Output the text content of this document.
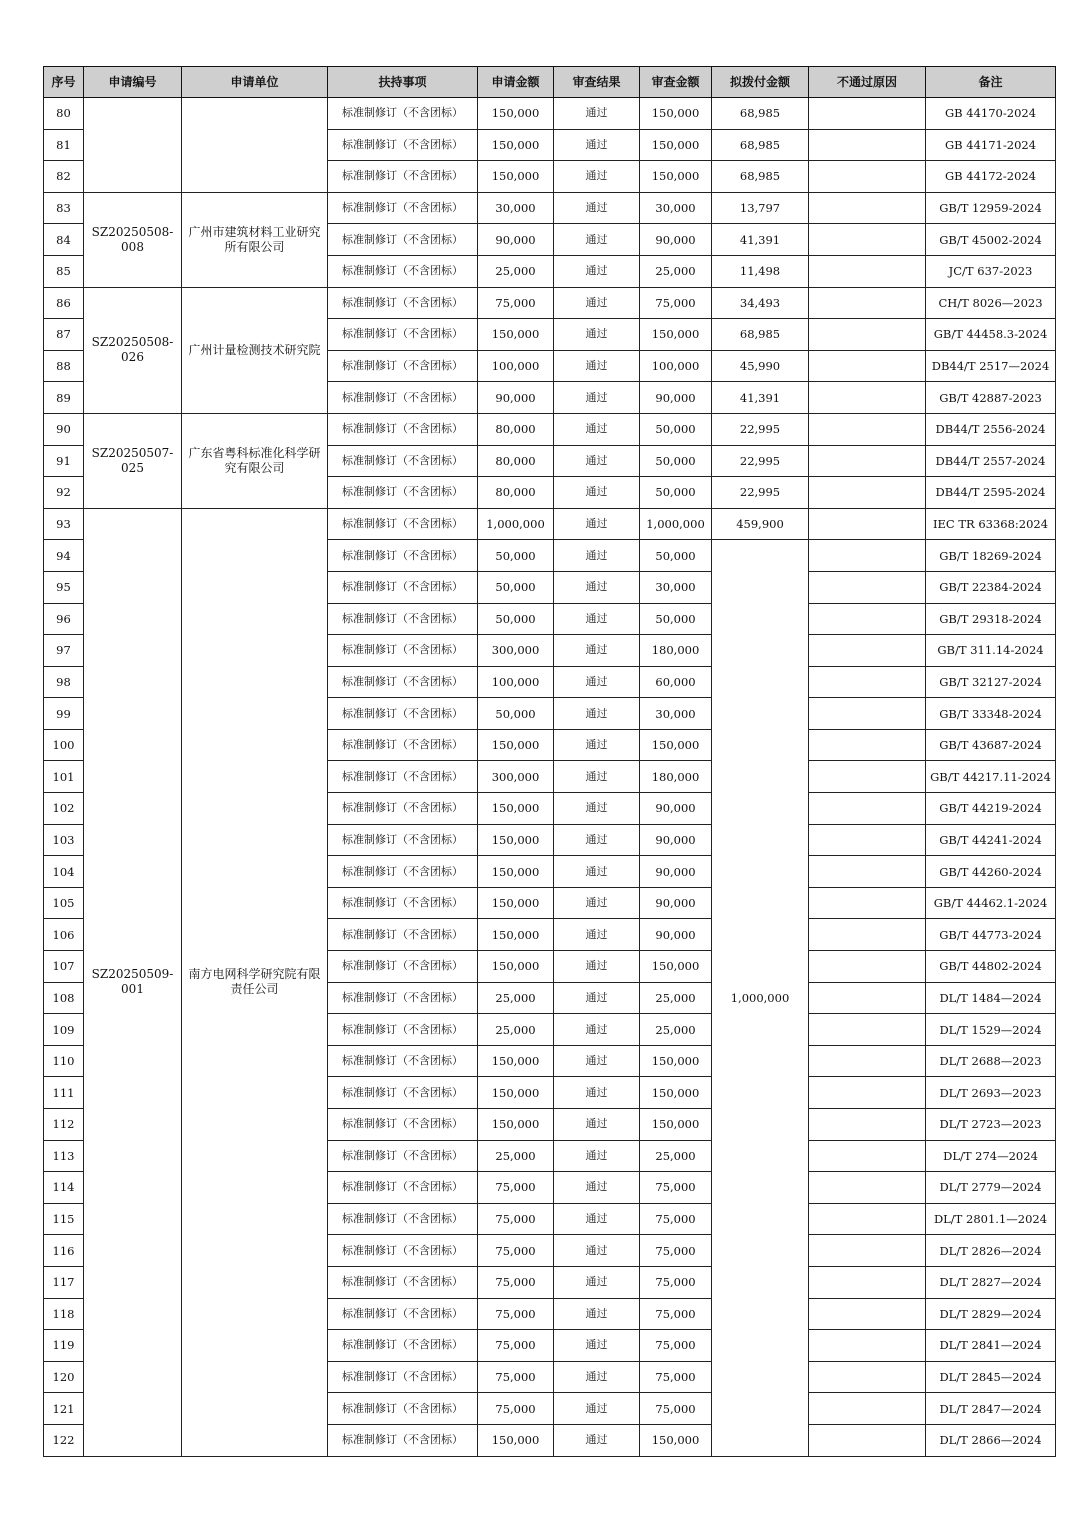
序号	申请编号	申请单位	扶持事项	申请金额	审查结果	审查金额	拟拨付金额	不通过原因	备注
80			标准制修订（不含团标）	150,000	通过	150,000	68,985		GB 44170-2024
81			标准制修订（不含团标）	150,000	通过	150,000	68,985		GB 44171-2024
82			标准制修订（不含团标）	150,000	通过	150,000	68,985		GB 44172-2024
83	SZ20250508-008	广州市建筑材料工业研究所有限公司	标准制修订（不含团标）	30,000	通过	30,000	13,797		GB/T 12959-2024
84			标准制修订（不含团标）	90,000	通过	90,000	41,391		GB/T 45002-2024
85			标准制修订（不含团标）	25,000	通过	25,000	11,498		JC/T 637-2023
86	SZ20250508-026	广州计量检测技术研究院	标准制修订（不含团标）	75,000	通过	75,000	34,493		CH/T 8026—2023
87			标准制修订（不含团标）	150,000	通过	150,000	68,985		GB/T 44458.3-2024
88			标准制修订（不含团标）	100,000	通过	100,000	45,990		DB44/T 2517—2024
89			标准制修订（不含团标）	90,000	通过	90,000	41,391		GB/T 42887-2023
90	SZ20250507-025	广东省粤科标准化科学研究有限公司	标准制修订（不含团标）	80,000	通过	50,000	22,995		DB44/T 2556-2024
91			标准制修订（不含团标）	80,000	通过	50,000	22,995		DB44/T 2557-2024
92			标准制修订（不含团标）	80,000	通过	50,000	22,995		DB44/T 2595-2024
93	SZ20250509-001	南方电网科学研究院有限责任公司	标准制修订（不含团标）	1,000,000	通过	1,000,000	459,900		IEC TR 63368:2024
94			标准制修订（不含团标）	50,000	通过	50,000	1,000,000		GB/T 18269-2024
95			标准制修订（不含团标）	50,000	通过	30,000			GB/T 22384-2024
96			标准制修订（不含团标）	50,000	通过	50,000			GB/T 29318-2024
97			标准制修订（不含团标）	300,000	通过	180,000			GB/T 311.14-2024
98			标准制修订（不含团标）	100,000	通过	60,000			GB/T 32127-2024
99			标准制修订（不含团标）	50,000	通过	30,000			GB/T 33348-2024
100			标准制修订（不含团标）	150,000	通过	150,000			GB/T 43687-2024
101			标准制修订（不含团标）	300,000	通过	180,000			GB/T 44217.11-2024
102			标准制修订（不含团标）	150,000	通过	90,000			GB/T 44219-2024
103			标准制修订（不含团标）	150,000	通过	90,000			GB/T 44241-2024
104			标准制修订（不含团标）	150,000	通过	90,000			GB/T 44260-2024
105			标准制修订（不含团标）	150,000	通过	90,000			GB/T 44462.1-2024
106			标准制修订（不含团标）	150,000	通过	90,000			GB/T 44773-2024
107			标准制修订（不含团标）	150,000	通过	150,000			GB/T 44802-2024
108			标准制修订（不含团标）	25,000	通过	25,000			DL/T 1484—2024
109			标准制修订（不含团标）	25,000	通过	25,000			DL/T 1529—2024
110			标准制修订（不含团标）	150,000	通过	150,000			DL/T 2688—2023
111			标准制修订（不含团标）	150,000	通过	150,000			DL/T 2693—2023
112			标准制修订（不含团标）	150,000	通过	150,000			DL/T 2723—2023
113			标准制修订（不含团标）	25,000	通过	25,000			DL/T 274—2024
114			标准制修订（不含团标）	75,000	通过	75,000			DL/T 2779—2024
115			标准制修订（不含团标）	75,000	通过	75,000			DL/T 2801.1—2024
116			标准制修订（不含团标）	75,000	通过	75,000			DL/T 2826—2024
117			标准制修订（不含团标）	75,000	通过	75,000			DL/T 2827—2024
118			标准制修订（不含团标）	75,000	通过	75,000			DL/T 2829—2024
119			标准制修订（不含团标）	75,000	通过	75,000			DL/T 2841—2024
120			标准制修订（不含团标）	75,000	通过	75,000			DL/T 2845—2024
121			标准制修订（不含团标）	75,000	通过	75,000			DL/T 2847—2024
122			标准制修订（不含团标）	150,000	通过	150,000			DL/T 2866—2024
